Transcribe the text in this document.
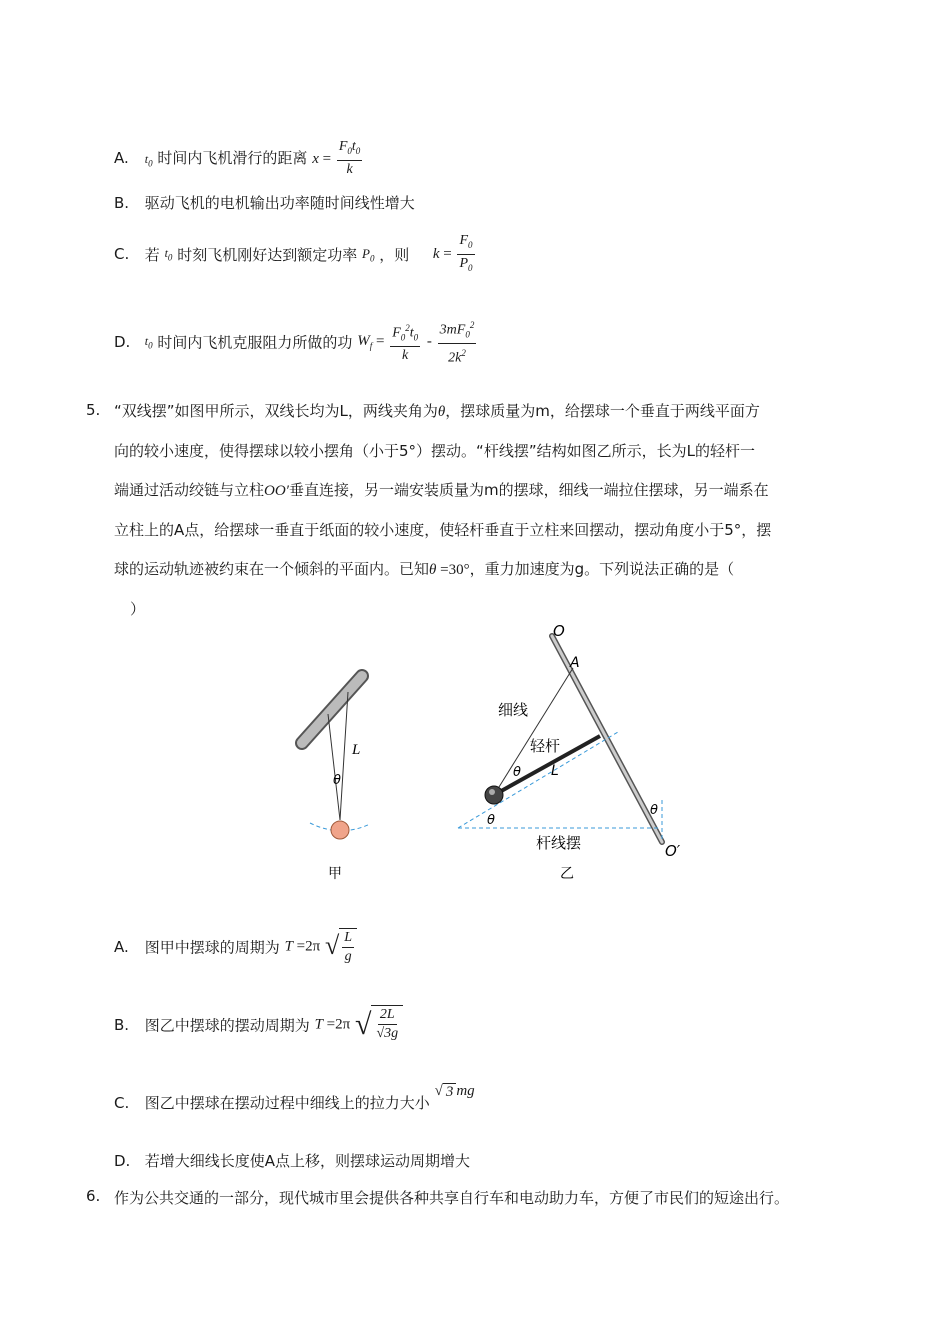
A. $t_0$ 时间内飞机滑行的距离 $x = \frac{F_0t_0}{k}$
B. 驱动飞机的电机输出功率随时间线性增大
C. 若 $t_0$ 时刻飞机刚好达到额定功率 $P_0$ ，则 $k = \frac{F_0}{P_0}$
D. $t_0$ 时间内飞机克服阻力所做的功 $W_f = \frac{F_0^2t_0}{k} - \frac{3mF_0^2}{2k^2}$
5. “双线摆”如图甲所示，双线长均为L，两线夹角为θ，摆球质量为m，给摆球一个垂直于两线平面方
向的较小速度，使得摆球以较小摆角（小于5°）摆动。“杆线摆”结构如图乙所示，长为L的轻杆一
端通过活动绞链与立柱OO′垂直连接，另一端安装质量为m的摆球，细线一端拉住摆球，另一端系在
立柱上的A点，给摆球一垂直于纸面的较小速度，使轻杆垂直于立柱来回摆动，摆动角度小于5°，摆
球的运动轨迹被约束在一个倾斜的平面内。已知θ =30°，重力加速度为g。下列说法正确的是（
）
L
θ
甲
O
A
细线
轻杆
L
θ
θ
θ
O′
杆线摆
乙
A. 图甲中摆球的周期为 T =2π √ $\frac{L}{g}$
B. 图乙中摆球的摆动周期为 T =2π √ $\frac{2L}{√3g}$
C. 图乙中摆球在摆动过程中细线上的拉力大小
√ 3 mg
D. 若增大细线长度使A点上移，则摆球运动周期增大
6. 作为公共交通的一部分，现代城市里会提供各种共享自行车和电动助力车，方便了市民们的短途出行。
